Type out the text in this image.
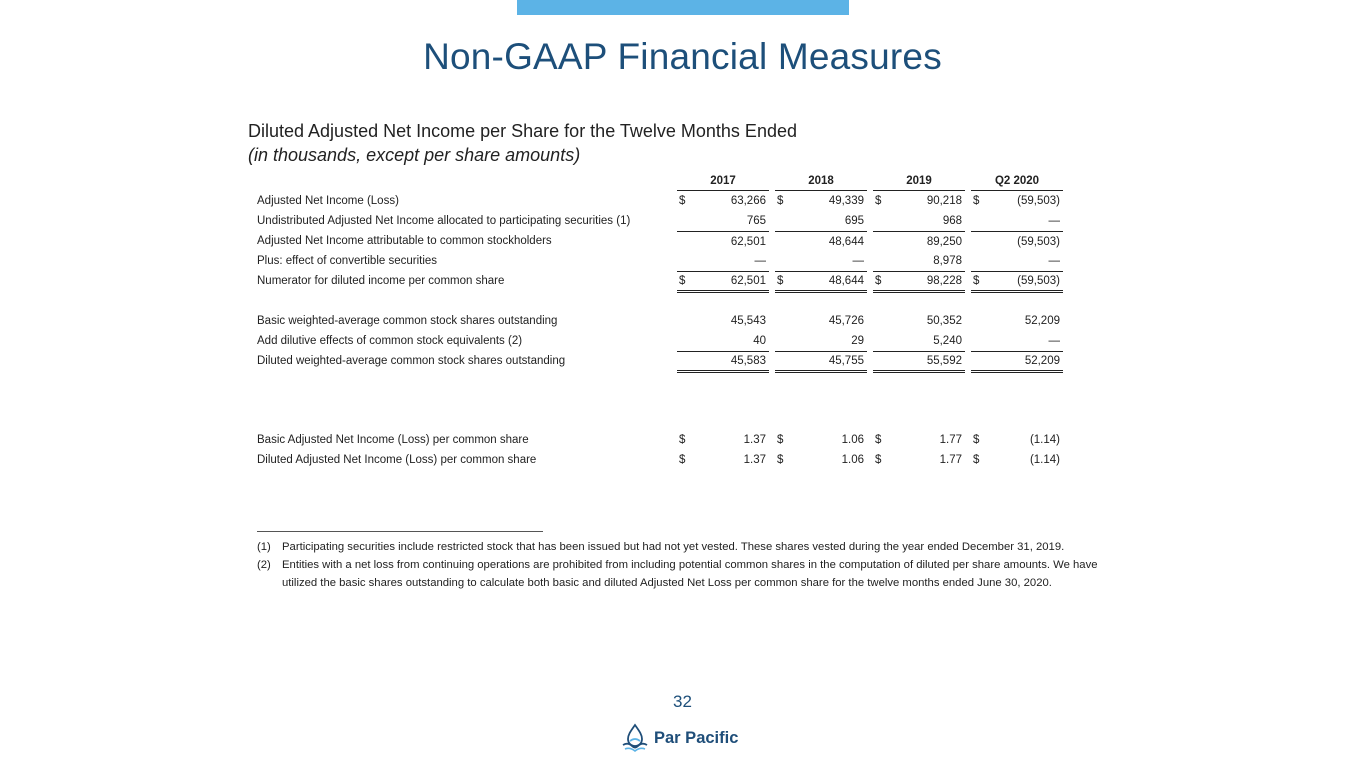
Non-GAAP Financial Measures
Diluted Adjusted Net Income per Share for the Twelve Months Ended
(in thousands, except per share amounts)
2017	2018	2019	Q2 2020
Adjusted Net Income (Loss)	$	63,266 $	49,339 $	90,218 $	(59,503)
Undistributed Adjusted Net Income allocated to participating securities (1)	765	695	968	—
Adjusted Net Income attributable to common stockholders	62,501	48,644	89,250	(59,503)
Plus: effect of convertible securities	—	—	8,978	—
Numerator for diluted income per common share	$	62,501 $	48,644 $	98,228 $	(59,503)
Basic weighted-average common stock shares outstanding	45,543	45,726	50,352	52,209
Add dilutive effects of common stock equivalents (2)	40	29	5,240	—
Diluted weighted-average common stock shares outstanding	45,583	45,755	55,592	52,209
Basic Adjusted Net Income (Loss) per common share	$	1.37 $	1.06 $	1.77 $	(1.14)
Diluted Adjusted Net Income (Loss) per common share	$	1.37 $	1.06 $	1.77 $	(1.14)
(1) Participating securities include restricted stock that has been issued but had not yet vested. These shares vested during the year ended December 31, 2019.
(2) Entities with a net loss from continuing operations are prohibited from including potential common shares in the computation of diluted per share amounts. We have utilized the basic shares outstanding to calculate both basic and diluted Adjusted Net Loss per common share for the twelve months ended June 30, 2020.
32
Par Pacific
